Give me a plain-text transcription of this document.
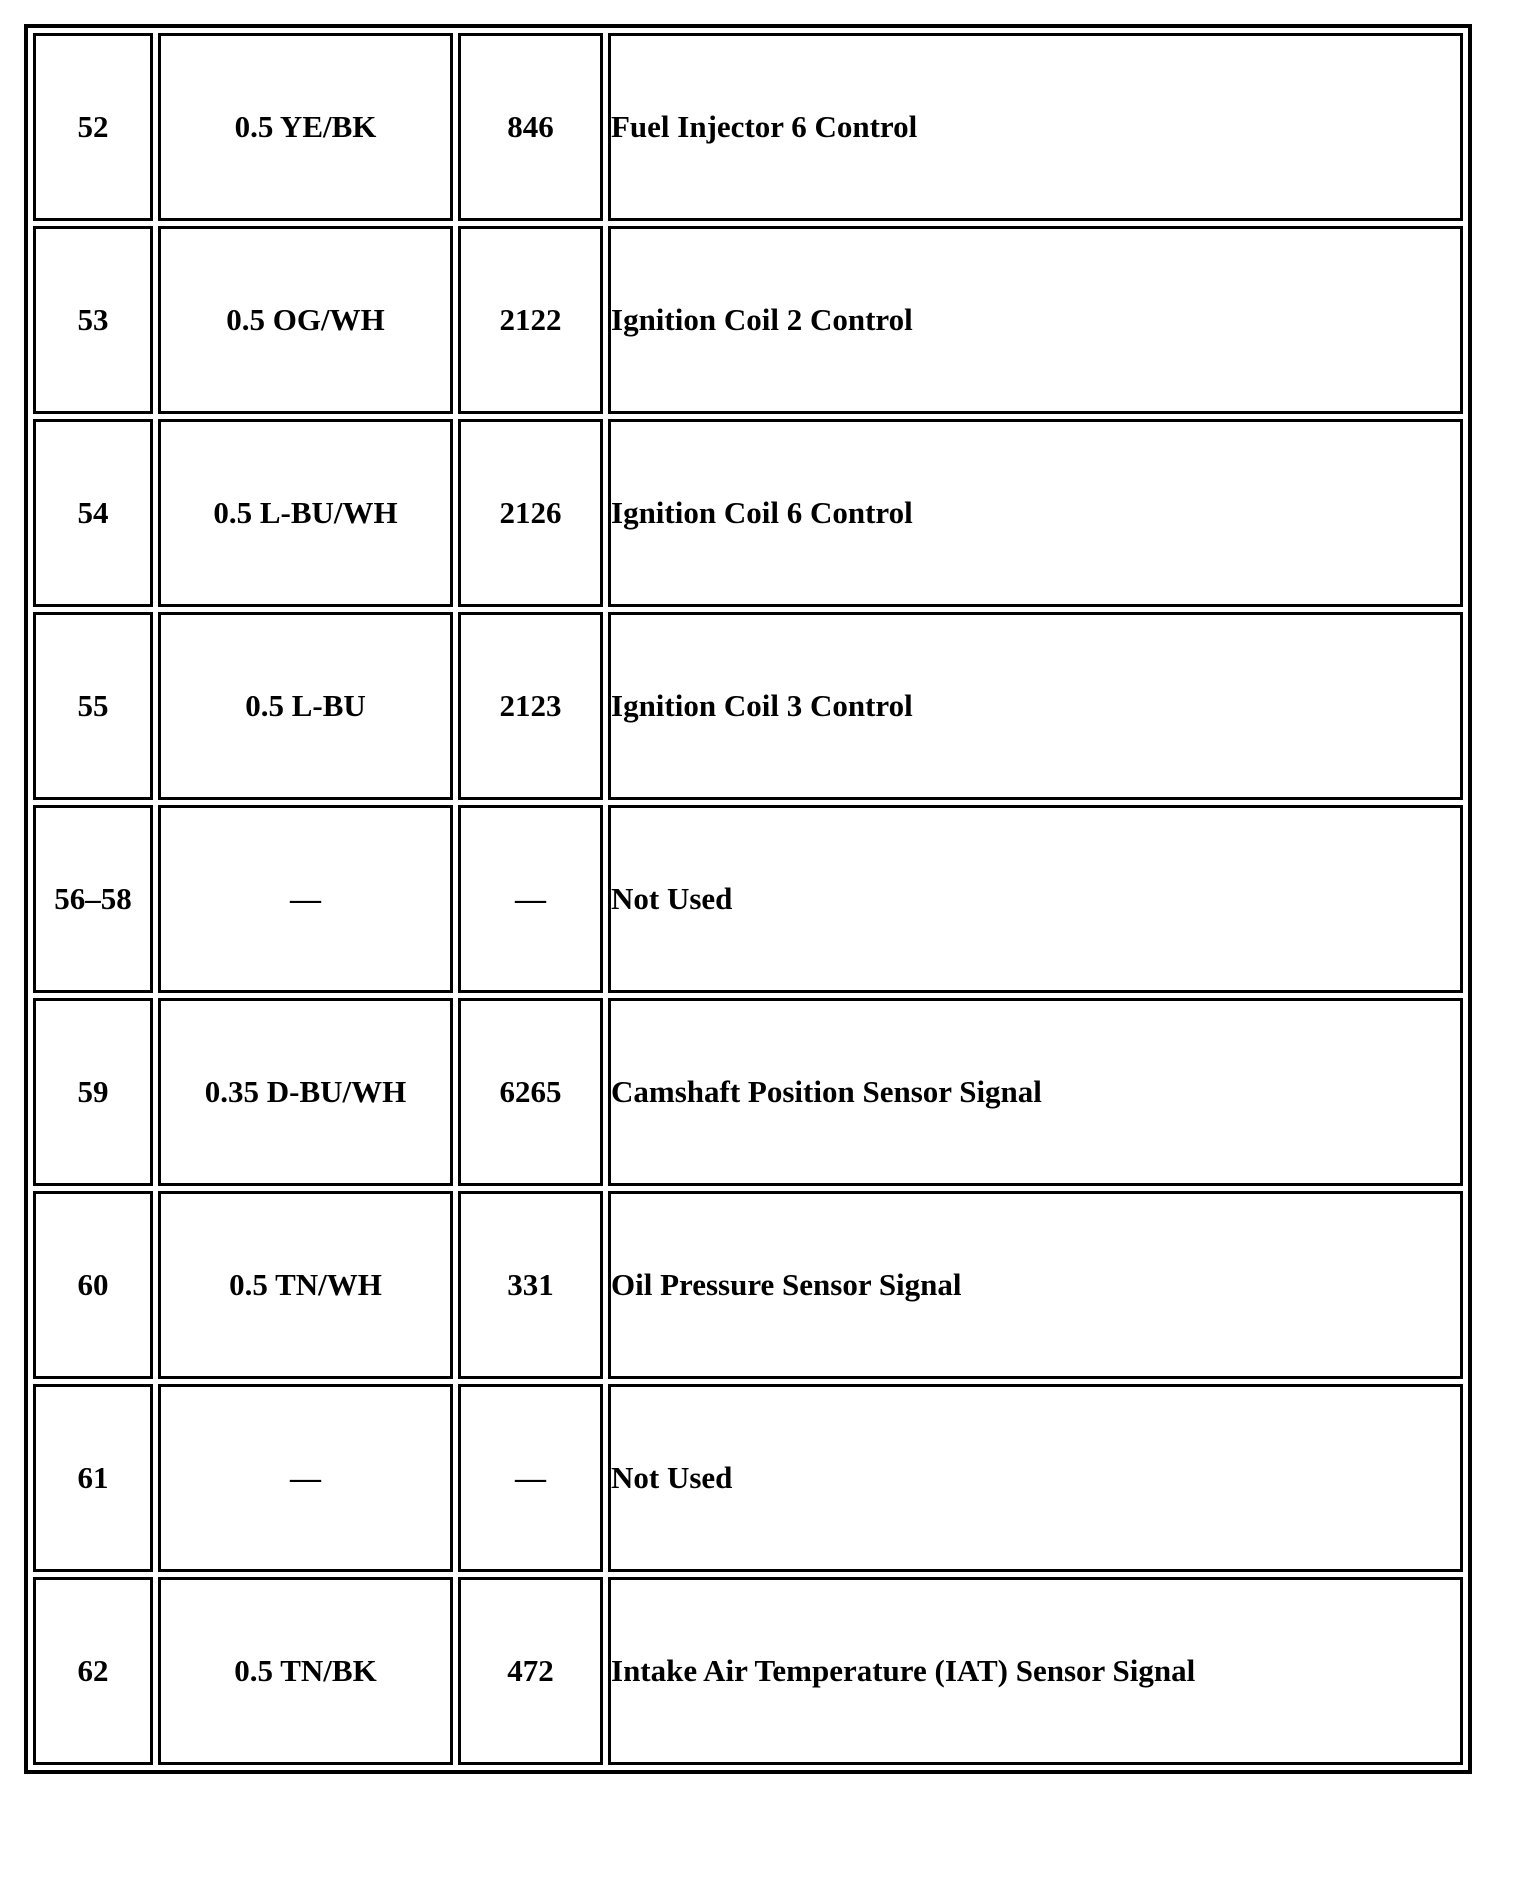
52	0.5 YE/BK	846	Fuel Injector 6 Control
53	0.5 OG/WH	2122	Ignition Coil 2 Control
54	0.5 L-BU/WH	2126	Ignition Coil 6 Control
55	0.5 L-BU	2123	Ignition Coil 3 Control
56–58	—	—	Not Used
59	0.35 D-BU/WH	6265	Camshaft Position Sensor Signal
60	0.5 TN/WH	331	Oil Pressure Sensor Signal
61	—	—	Not Used
62	0.5 TN/BK	472	Intake Air Temperature (IAT) Sensor Signal
